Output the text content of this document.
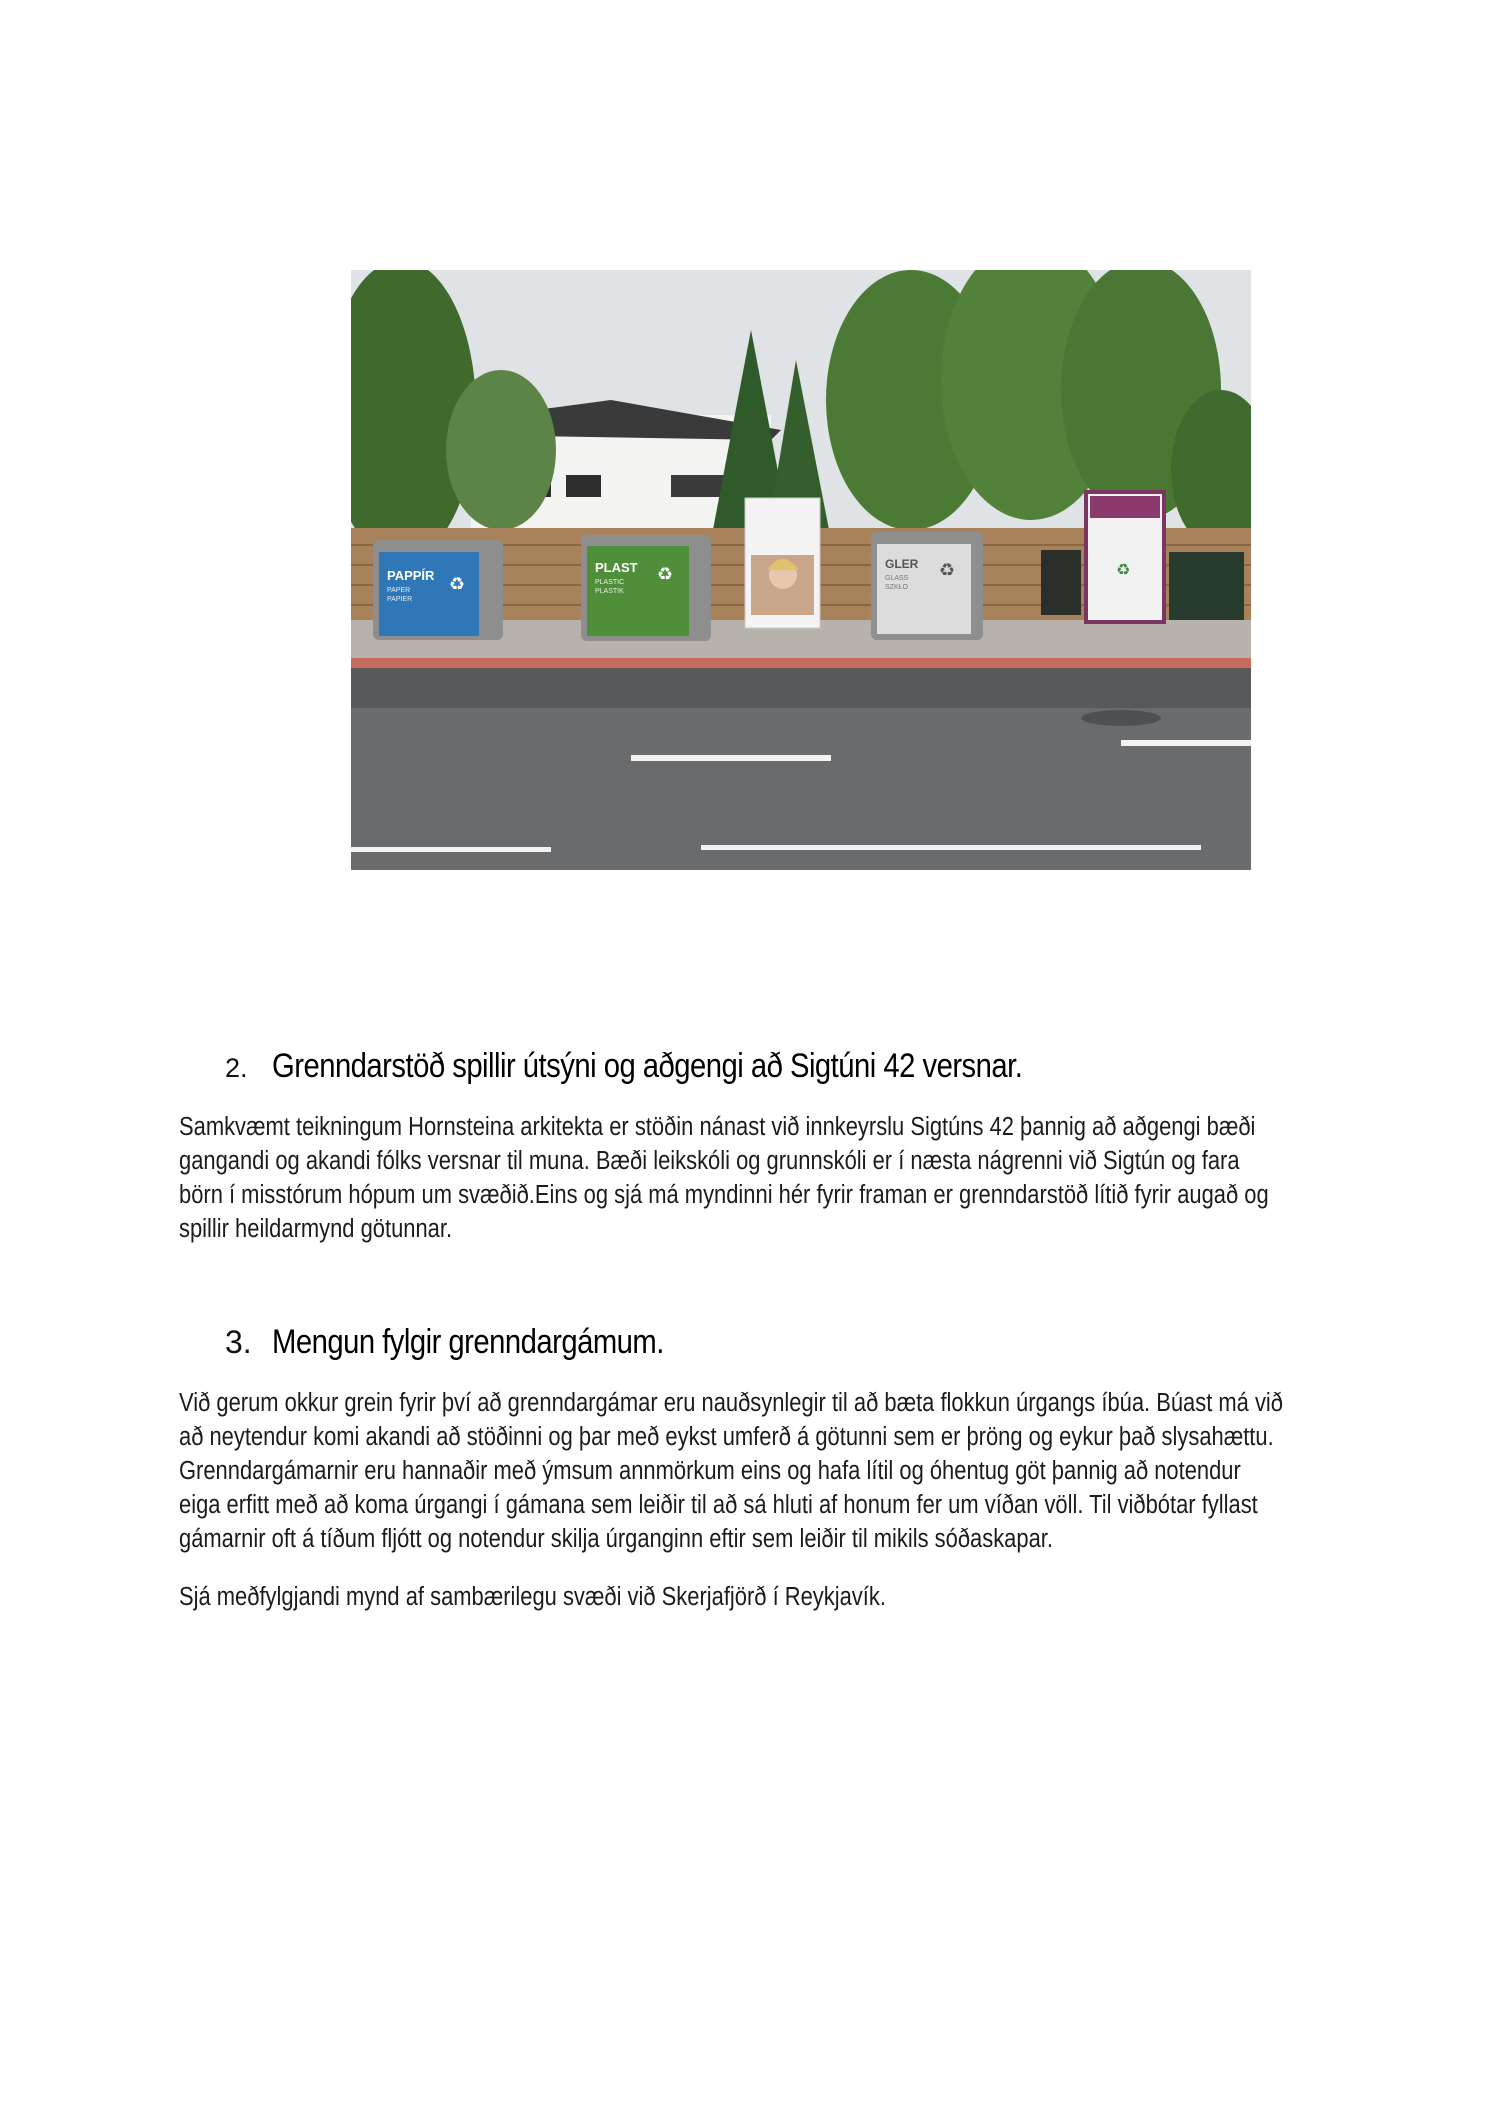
PAPPÍR
PAPER
PAPIER
♻
PLAST
PLASTIC
PLASTIK
♻	GLER
GLASS
SZKŁO
♻	♻
2. Grenndarstöð spillir útsýni og aðgengi að Sigtúni 42 versnar.
Samkvæmt teikningum Hornsteina arkitekta er stöðin nánast við innkeyrslu Sigtúns 42 þannig að aðgengi bæði
gangandi og akandi fólks versnar til muna. Bæði leikskóli og grunnskóli er í næsta nágrenni við Sigtún og fara
börn í misstórum hópum um svæðið.Eins og sjá má myndinni hér fyrir framan er grenndarstöð lítið fyrir augað og
spillir heildarmynd götunnar.
3. Mengun fylgir grenndargámum.
Við gerum okkur grein fyrir því að grenndargámar eru nauðsynlegir til að bæta flokkun úrgangs íbúa. Búast má við
að neytendur komi akandi að stöðinni og þar með eykst umferð á götunni sem er þröng og eykur það slysahættu.
Grenndargámarnir eru hannaðir með ýmsum annmörkum eins og hafa lítil og óhentug göt þannig að notendur
eiga erfitt með að koma úrgangi í gámana sem leiðir til að sá hluti af honum fer um víðan völl. Til viðbótar fyllast
gámarnir oft á tíðum fljótt og notendur skilja úrganginn eftir sem leiðir til mikils sóðaskapar.
Sjá meðfylgjandi mynd af sambærilegu svæði við Skerjafjörð í Reykjavík.
